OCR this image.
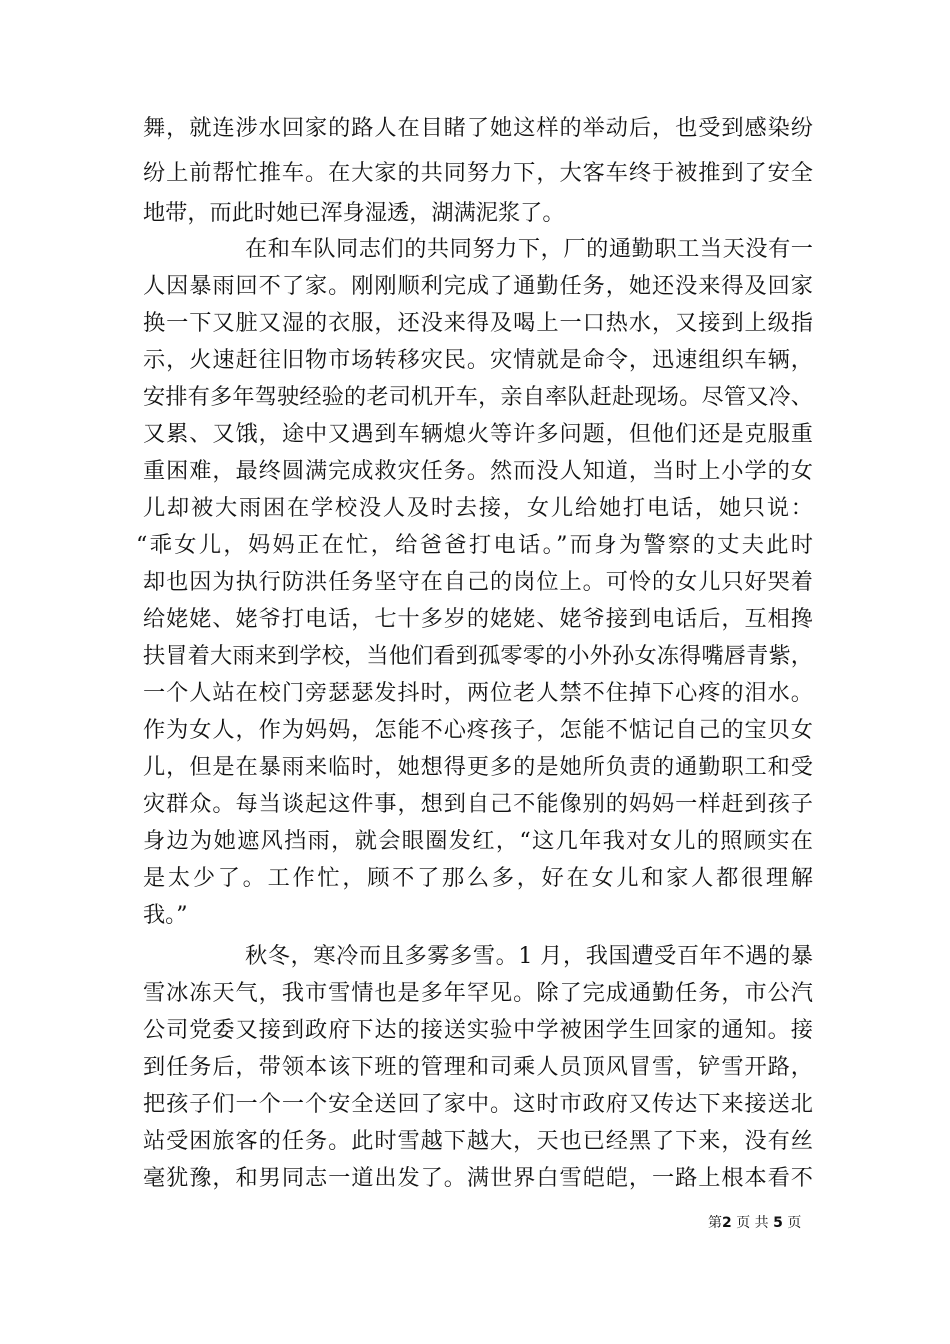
舞，就连涉水回家的路人在目睹了她这样的举动后，也受到感染纷
纷上前帮忙推车。在大家的共同努力下，大客车终于被推到了安全
地带，而此时她已浑身湿透，湖满泥浆了。
在和车队同志们的共同努力下，厂的通勤职工当天没有一
人因暴雨回不了家。刚刚顺利完成了通勤任务，她还没来得及回家
换一下又脏又湿的衣服，还没来得及喝上一口热水，又接到上级指
示，火速赶往旧物市场转移灾民。灾情就是命令，迅速组织车辆，
安排有多年驾驶经验的老司机开车，亲自率队赶赴现场。尽管又冷、
又累、又饿，途中又遇到车辆熄火等许多问题，但他们还是克服重
重困难，最终圆满完成救灾任务。然而没人知道，当时上小学的女
儿却被大雨困在学校没人及时去接，女儿给她打电话，她只说：
“乖女儿，妈妈正在忙，给爸爸打电话。”而身为警察的丈夫此时
却也因为执行防洪任务坚守在自己的岗位上。可怜的女儿只好哭着
给姥姥、姥爷打电话，七十多岁的姥姥、姥爷接到电话后，互相搀
扶冒着大雨来到学校，当他们看到孤零零的小外孙女冻得嘴唇青紫，
一个人站在校门旁瑟瑟发抖时，两位老人禁不住掉下心疼的泪水。
作为女人，作为妈妈，怎能不心疼孩子，怎能不惦记自己的宝贝女
儿，但是在暴雨来临时，她想得更多的是她所负责的通勤职工和受
灾群众。每当谈起这件事，想到自己不能像别的妈妈一样赶到孩子
身边为她遮风挡雨，就会眼圈发红，“这几年我对女儿的照顾实在
是太少了。工作忙，顾不了那么多，好在女儿和家人都很理解
我。”
秋冬，寒冷而且多雾多雪。1 月，我国遭受百年不遇的暴
雪冰冻天气，我市雪情也是多年罕见。除了完成通勤任务，市公汽
公司党委又接到政府下达的接送实验中学被困学生回家的通知。接
到任务后，带领本该下班的管理和司乘人员顶风冒雪，铲雪开路，
把孩子们一个一个安全送回了家中。这时市政府又传达下来接送北
站受困旅客的任务。此时雪越下越大，天也已经黑了下来，没有丝
毫犹豫，和男同志一道出发了。满世界白雪皑皑，一路上根本看不
第2 页 共 5 页
